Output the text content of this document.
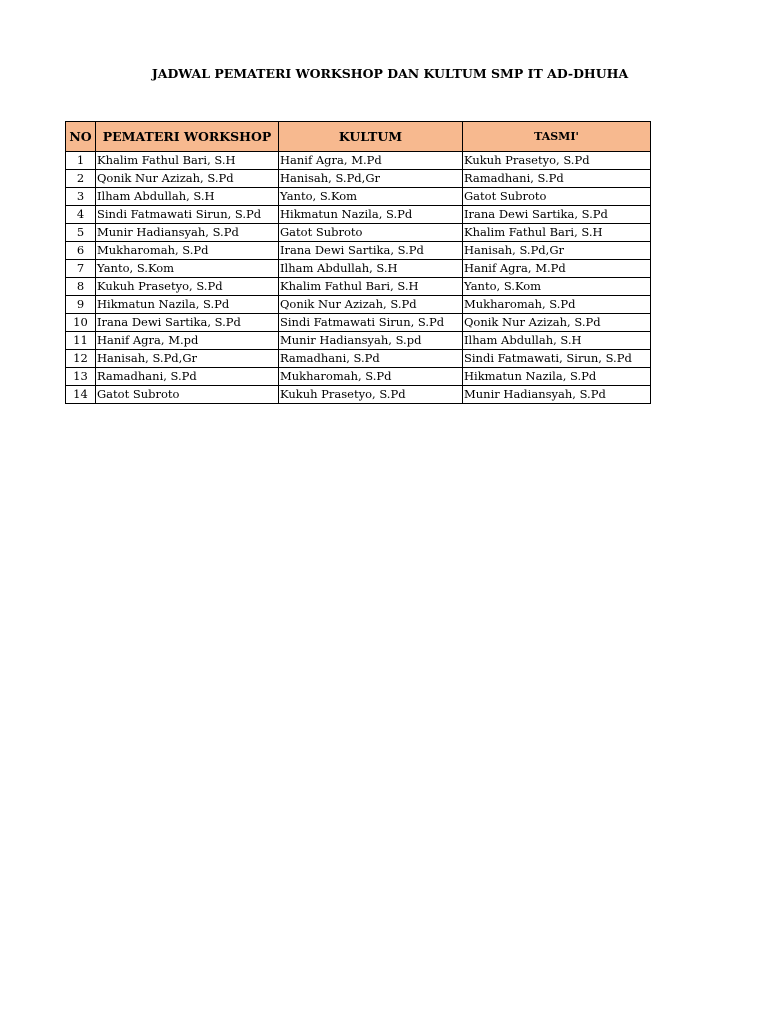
JADWAL PEMATERI WORKSHOP DAN KULTUM SMP IT AD-DHUHA
NO	PEMATERI WORKSHOP	KULTUM	TASMI'
1	Khalim Fathul Bari, S.H	Hanif Agra, M.Pd	Kukuh Prasetyo, S.Pd
2	Qonik Nur Azizah, S.Pd	Hanisah, S.Pd,Gr	Ramadhani, S.Pd
3	Ilham Abdullah, S.H	Yanto, S.Kom	Gatot Subroto
4	Sindi Fatmawati Sirun, S.Pd	Hikmatun Nazila, S.Pd	Irana Dewi Sartika, S.Pd
5	Munir Hadiansyah, S.Pd	Gatot Subroto	Khalim Fathul Bari, S.H
6	Mukharomah, S.Pd	Irana Dewi Sartika, S.Pd	Hanisah, S.Pd,Gr
7	Yanto, S.Kom	Ilham Abdullah, S.H	Hanif Agra, M.Pd
8	Kukuh Prasetyo, S.Pd	Khalim Fathul Bari, S.H	Yanto, S.Kom
9	Hikmatun Nazila, S.Pd	Qonik Nur Azizah, S.Pd	Mukharomah, S.Pd
10	Irana Dewi Sartika, S.Pd	Sindi Fatmawati Sirun, S.Pd	Qonik Nur Azizah, S.Pd
11	Hanif Agra, M.pd	Munir Hadiansyah, S.pd	Ilham Abdullah, S.H
12	Hanisah, S.Pd,Gr	Ramadhani, S.Pd	Sindi Fatmawati, Sirun, S.Pd
13	Ramadhani, S.Pd	Mukharomah, S.Pd	Hikmatun Nazila, S.Pd
14	Gatot Subroto	Kukuh Prasetyo, S.Pd	Munir Hadiansyah, S.Pd
